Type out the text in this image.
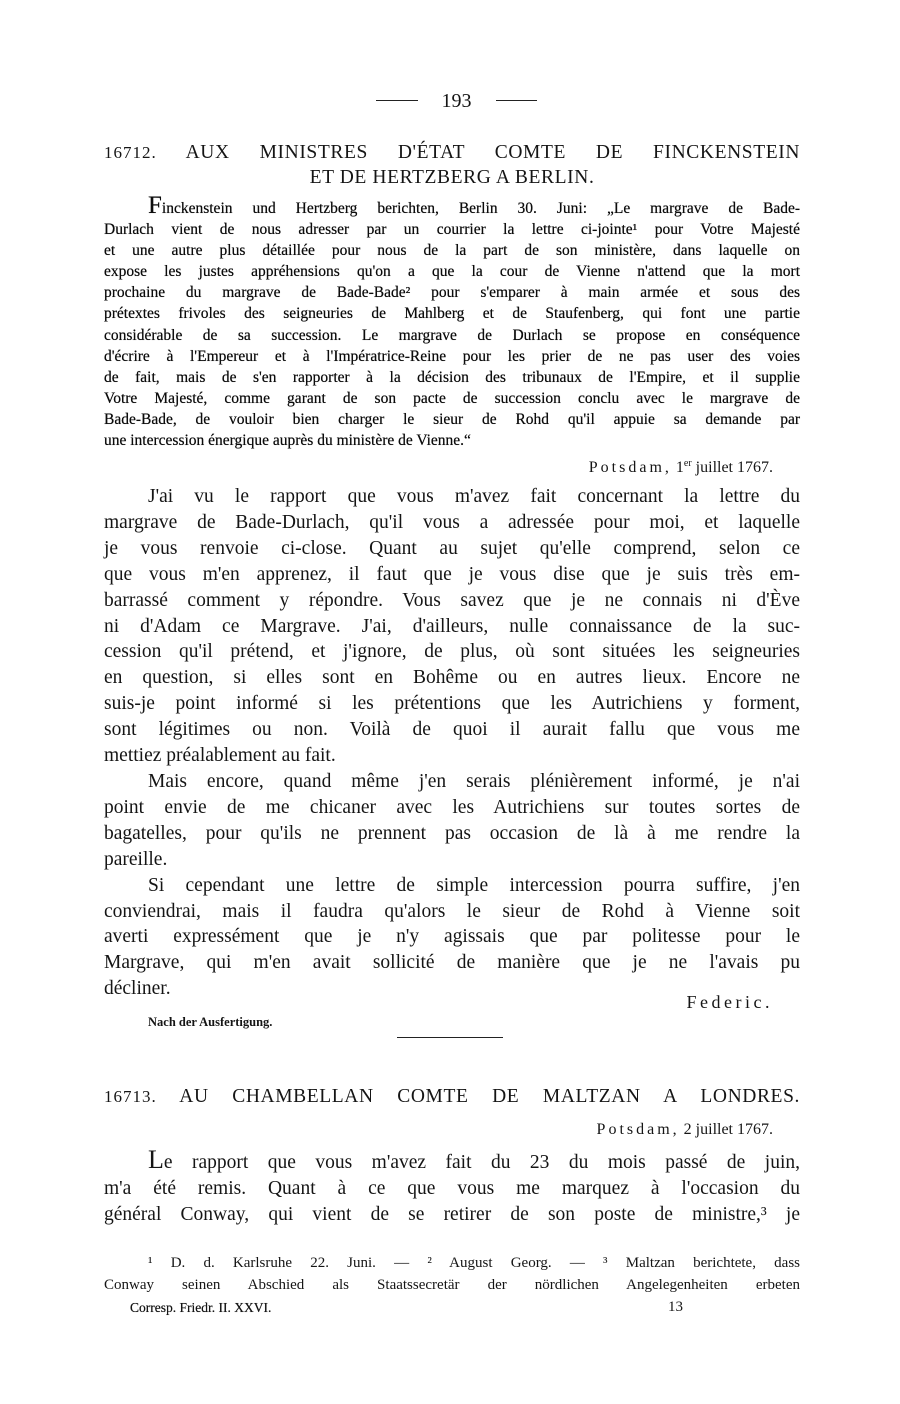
193
16712. AUX MINISTRES D'ÉTAT COMTE DE FINCKENSTEIN
ET DE HERTZBERG A BERLIN.
Finckenstein und Hertzberg berichten, Berlin 30. Juni: „Le margrave de Bade-
Durlach vient de nous adresser par un courrier la lettre ci-jointe¹ pour Votre Majesté
et une autre plus détaillée pour nous de la part de son ministère, dans laquelle on
expose les justes appréhensions qu'on a que la cour de Vienne n'attend que la mort
prochaine du margrave de Bade-Bade² pour s'emparer à main armée et sous des
prétextes frivoles des seigneuries de Mahlberg et de Staufenberg, qui font une partie
considérable de sa succession. Le margrave de Durlach se propose en conséquence
d'écrire à l'Empereur et à l'Impératrice-Reine pour les prier de ne pas user des voies
de fait, mais de s'en rapporter à la décision des tribunaux de l'Empire, et il supplie
Votre Majesté, comme garant de son pacte de succession conclu avec le margrave de
Bade-Bade, de vouloir bien charger le sieur de Rohd qu'il appuie sa demande par
une intercession énergique auprès du ministère de Vienne.“
Potsdam, 1er juillet 1767.
J'ai vu le rapport que vous m'avez fait concernant la lettre du
margrave de Bade-Durlach, qu'il vous a adressée pour moi, et laquelle
je vous renvoie ci-close. Quant au sujet qu'elle comprend, selon ce
que vous m'en apprenez, il faut que je vous dise que je suis très em-
barrassé comment y répondre. Vous savez que je ne connais ni d'Ève
ni d'Adam ce Margrave. J'ai, d'ailleurs, nulle connaissance de la suc-
cession qu'il prétend, et j'ignore, de plus, où sont situées les seigneuries
en question, si elles sont en Bohême ou en autres lieux. Encore ne
suis-je point informé si les prétentions que les Autrichiens y forment,
sont légitimes ou non. Voilà de quoi il aurait fallu que vous me
mettiez préalablement au fait.
Mais encore, quand même j'en serais plénièrement informé, je n'ai
point envie de me chicaner avec les Autrichiens sur toutes sortes de
bagatelles, pour qu'ils ne prennent pas occasion de là à me rendre la
pareille.
Si cependant une lettre de simple intercession pourra suffire, j'en
conviendrai, mais il faudra qu'alors le sieur de Rohd à Vienne soit
averti expressément que je n'y agissais que par politesse pour le
Margrave, qui m'en avait sollicité de manière que je ne l'avais pu
décliner.
Federic.
Nach der Ausfertigung.
16713. AU CHAMBELLAN COMTE DE MALTZAN A LONDRES.
Potsdam, 2 juillet 1767.
Le rapport que vous m'avez fait du 23 du mois passé de juin,
m'a été remis. Quant à ce que vous me marquez à l'occasion du
général Conway, qui vient de se retirer de son poste de ministre,³ je
¹ D. d. Karlsruhe 22. Juni. — ² August Georg. — ³ Maltzan berichtete, dass
Conway seinen Abschied als Staatssecretär der nördlichen Angelegenheiten erbeten
Corresp. Friedr. II. XXVI.	13
